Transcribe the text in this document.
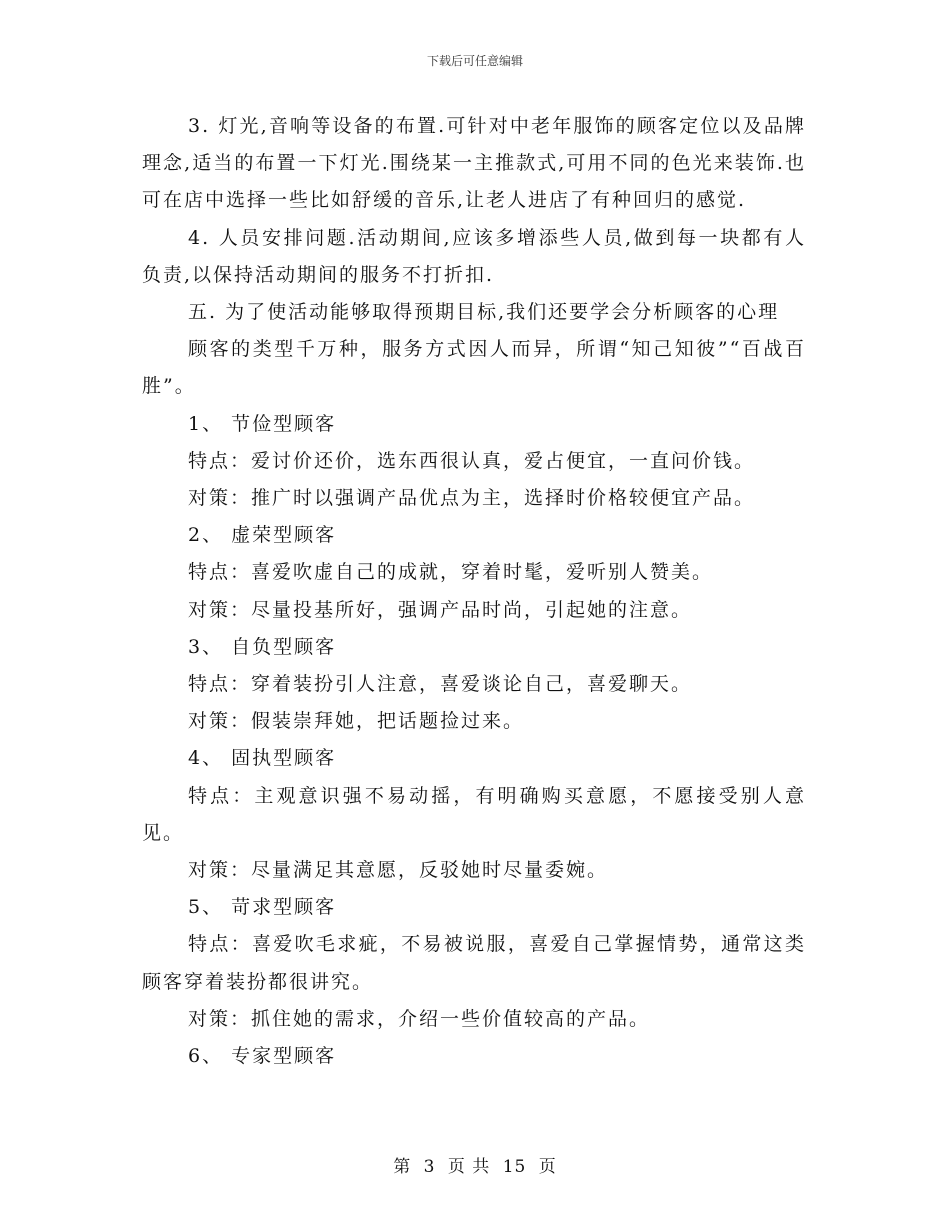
下载后可任意编辑

3. 灯光,音响等设备的布置.可针对中老年服饰的顾客定位以及品牌理念,适当的布置一下灯光.围绕某一主推款式,可用不同的色光来装饰.也可在店中选择一些比如舒缓的音乐,让老人进店了有种回归的感觉.

4. 人员安排问题.活动期间,应该多增添些人员,做到每一块都有人负责,以保持活动期间的服务不打折扣.

五. 为了使活动能够取得预期目标,我们还要学会分析顾客的心理

顾客的类型千万种，服务方式因人而异，所谓“知己知彼”“百战百胜”。

1、 节俭型顾客

特点：爱讨价还价，选东西很认真，爱占便宜，一直问价钱。

对策：推广时以强调产品优点为主，选择时价格较便宜产品。

2、 虚荣型顾客

特点：喜爱吹虚自己的成就，穿着时髦，爱听别人赞美。

对策：尽量投基所好，强调产品时尚，引起她的注意。

3、 自负型顾客

特点：穿着装扮引人注意，喜爱谈论自己，喜爱聊天。

对策：假装崇拜她，把话题捡过来。

4、 固执型顾客

特点：主观意识强不易动摇，有明确购买意愿，不愿接受别人意见。

对策：尽量满足其意愿，反驳她时尽量委婉。

5、 苛求型顾客

特点：喜爱吹毛求疵，不易被说服，喜爱自己掌握情势，通常这类顾客穿着装扮都很讲究。

对策：抓住她的需求，介绍一些价值较高的产品。

6、 专家型顾客

第 3 页 共 15 页
